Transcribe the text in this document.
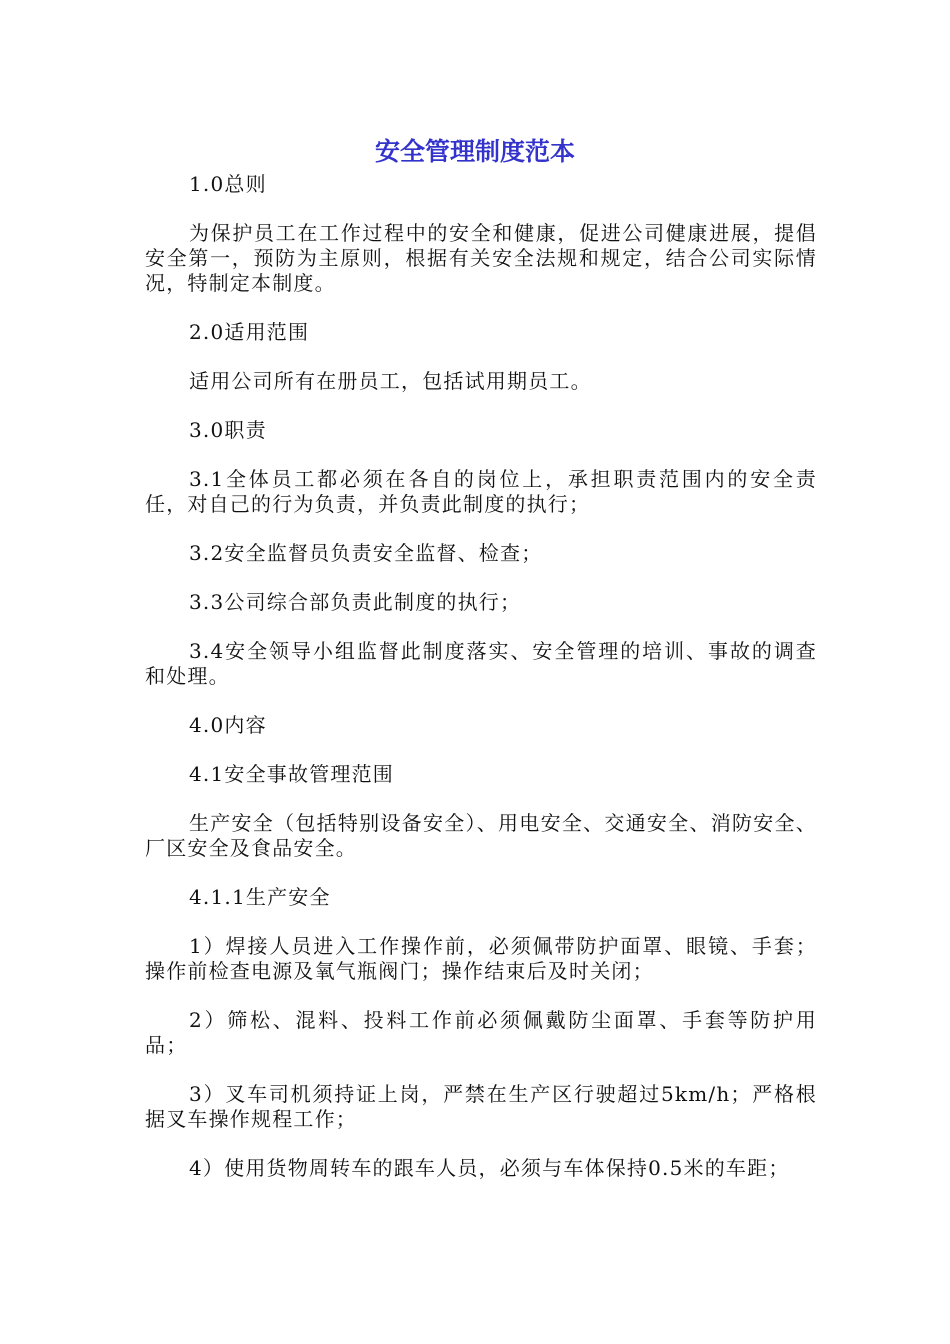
安全管理制度范本

1.0总则

为保护员工在工作过程中的安全和健康，促进公司健康进展，提倡安全第一，预防为主原则，根据有关安全法规和规定，结合公司实际情况，特制定本制度。

2.0适用范围

适用公司所有在册员工，包括试用期员工。

3.0职责

3.1全体员工都必须在各自的岗位上，承担职责范围内的安全责任，对自己的行为负责，并负责此制度的执行；

3.2安全监督员负责安全监督、检查；

3.3公司综合部负责此制度的执行；

3.4安全领导小组监督此制度落实、安全管理的培训、事故的调查和处理。

4.0内容

4.1安全事故管理范围

生产安全（包括特别设备安全）、用电安全、交通安全、消防安全、厂区安全及食品安全。

4.1.1生产安全

1）焊接人员进入工作操作前，必须佩带防护面罩、眼镜、手套；操作前检查电源及氧气瓶阀门；操作结束后及时关闭；

2）筛松、混料、投料工作前必须佩戴防尘面罩、手套等防护用品；

3）叉车司机须持证上岗，严禁在生产区行驶超过5km/h；严格根据叉车操作规程工作；

4）使用货物周转车的跟车人员，必须与车体保持0.5米的车距；
